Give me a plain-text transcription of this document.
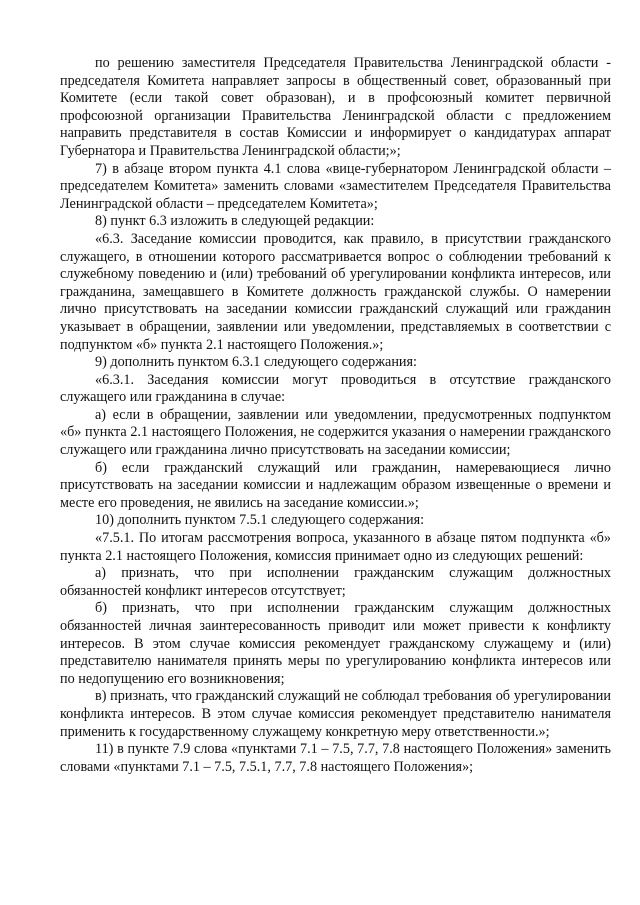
по решению заместителя Председателя Правительства Ленинградской области - председателя Комитета направляет запросы в общественный совет, образованный при Комитете (если такой совет образован), и в профсоюзный комитет первичной профсоюзной организации Правительства Ленинградской области с предложением направить представителя в состав Комиссии и информирует о кандидатурах аппарат Губернатора и Правительства Ленинградской области;»;

7) в абзаце втором пункта 4.1 слова «вице-губернатором Ленинградской области – председателем Комитета» заменить словами «заместителем Председателя Правительства Ленинградской области – председателем Комитета»;

8) пункт 6.3 изложить в следующей редакции:

«6.3. Заседание комиссии проводится, как правило, в присутствии гражданского служащего, в отношении которого рассматривается вопрос о соблюдении требований к служебному поведению и (или) требований об урегулировании конфликта интересов, или гражданина, замещавшего в Комитете должность гражданской службы. О намерении лично присутствовать на заседании комиссии гражданский служащий или гражданин указывает в обращении, заявлении или уведомлении, представляемых в соответствии с подпунктом «б» пункта 2.1 настоящего Положения.»;

9) дополнить пунктом 6.3.1 следующего содержания:

«6.3.1. Заседания комиссии могут проводиться в отсутствие гражданского служащего или гражданина в случае:

а) если в обращении, заявлении или уведомлении, предусмотренных подпунктом «б» пункта 2.1 настоящего Положения, не содержится указания о намерении гражданского служащего или гражданина лично присутствовать на заседании комиссии;

б) если гражданский служащий или гражданин, намеревающиеся лично присутствовать на заседании комиссии и надлежащим образом извещенные о времени и месте его проведения, не явились на заседание комиссии.»;

10) дополнить пунктом 7.5.1 следующего содержания:

«7.5.1. По итогам рассмотрения вопроса, указанного в абзаце пятом подпункта «б» пункта 2.1 настоящего Положения, комиссия принимает одно из следующих решений:

а) признать, что при исполнении гражданским служащим должностных обязанностей конфликт интересов отсутствует;

б) признать, что при исполнении гражданским служащим должностных обязанностей личная заинтересованность приводит или может привести к конфликту интересов. В этом случае комиссия рекомендует гражданскому служащему и (или) представителю нанимателя принять меры по урегулированию конфликта интересов или по недопущению его возникновения;

в) признать, что гражданский служащий не соблюдал требования об урегулировании конфликта интересов. В этом случае комиссия рекомендует представителю нанимателя применить к государственному служащему конкретную меру ответственности.»;

11) в пункте 7.9 слова «пунктами 7.1 – 7.5, 7.7, 7.8 настоящего Положения» заменить словами «пунктами 7.1 – 7.5, 7.5.1, 7.7, 7.8 настоящего Положения»;
